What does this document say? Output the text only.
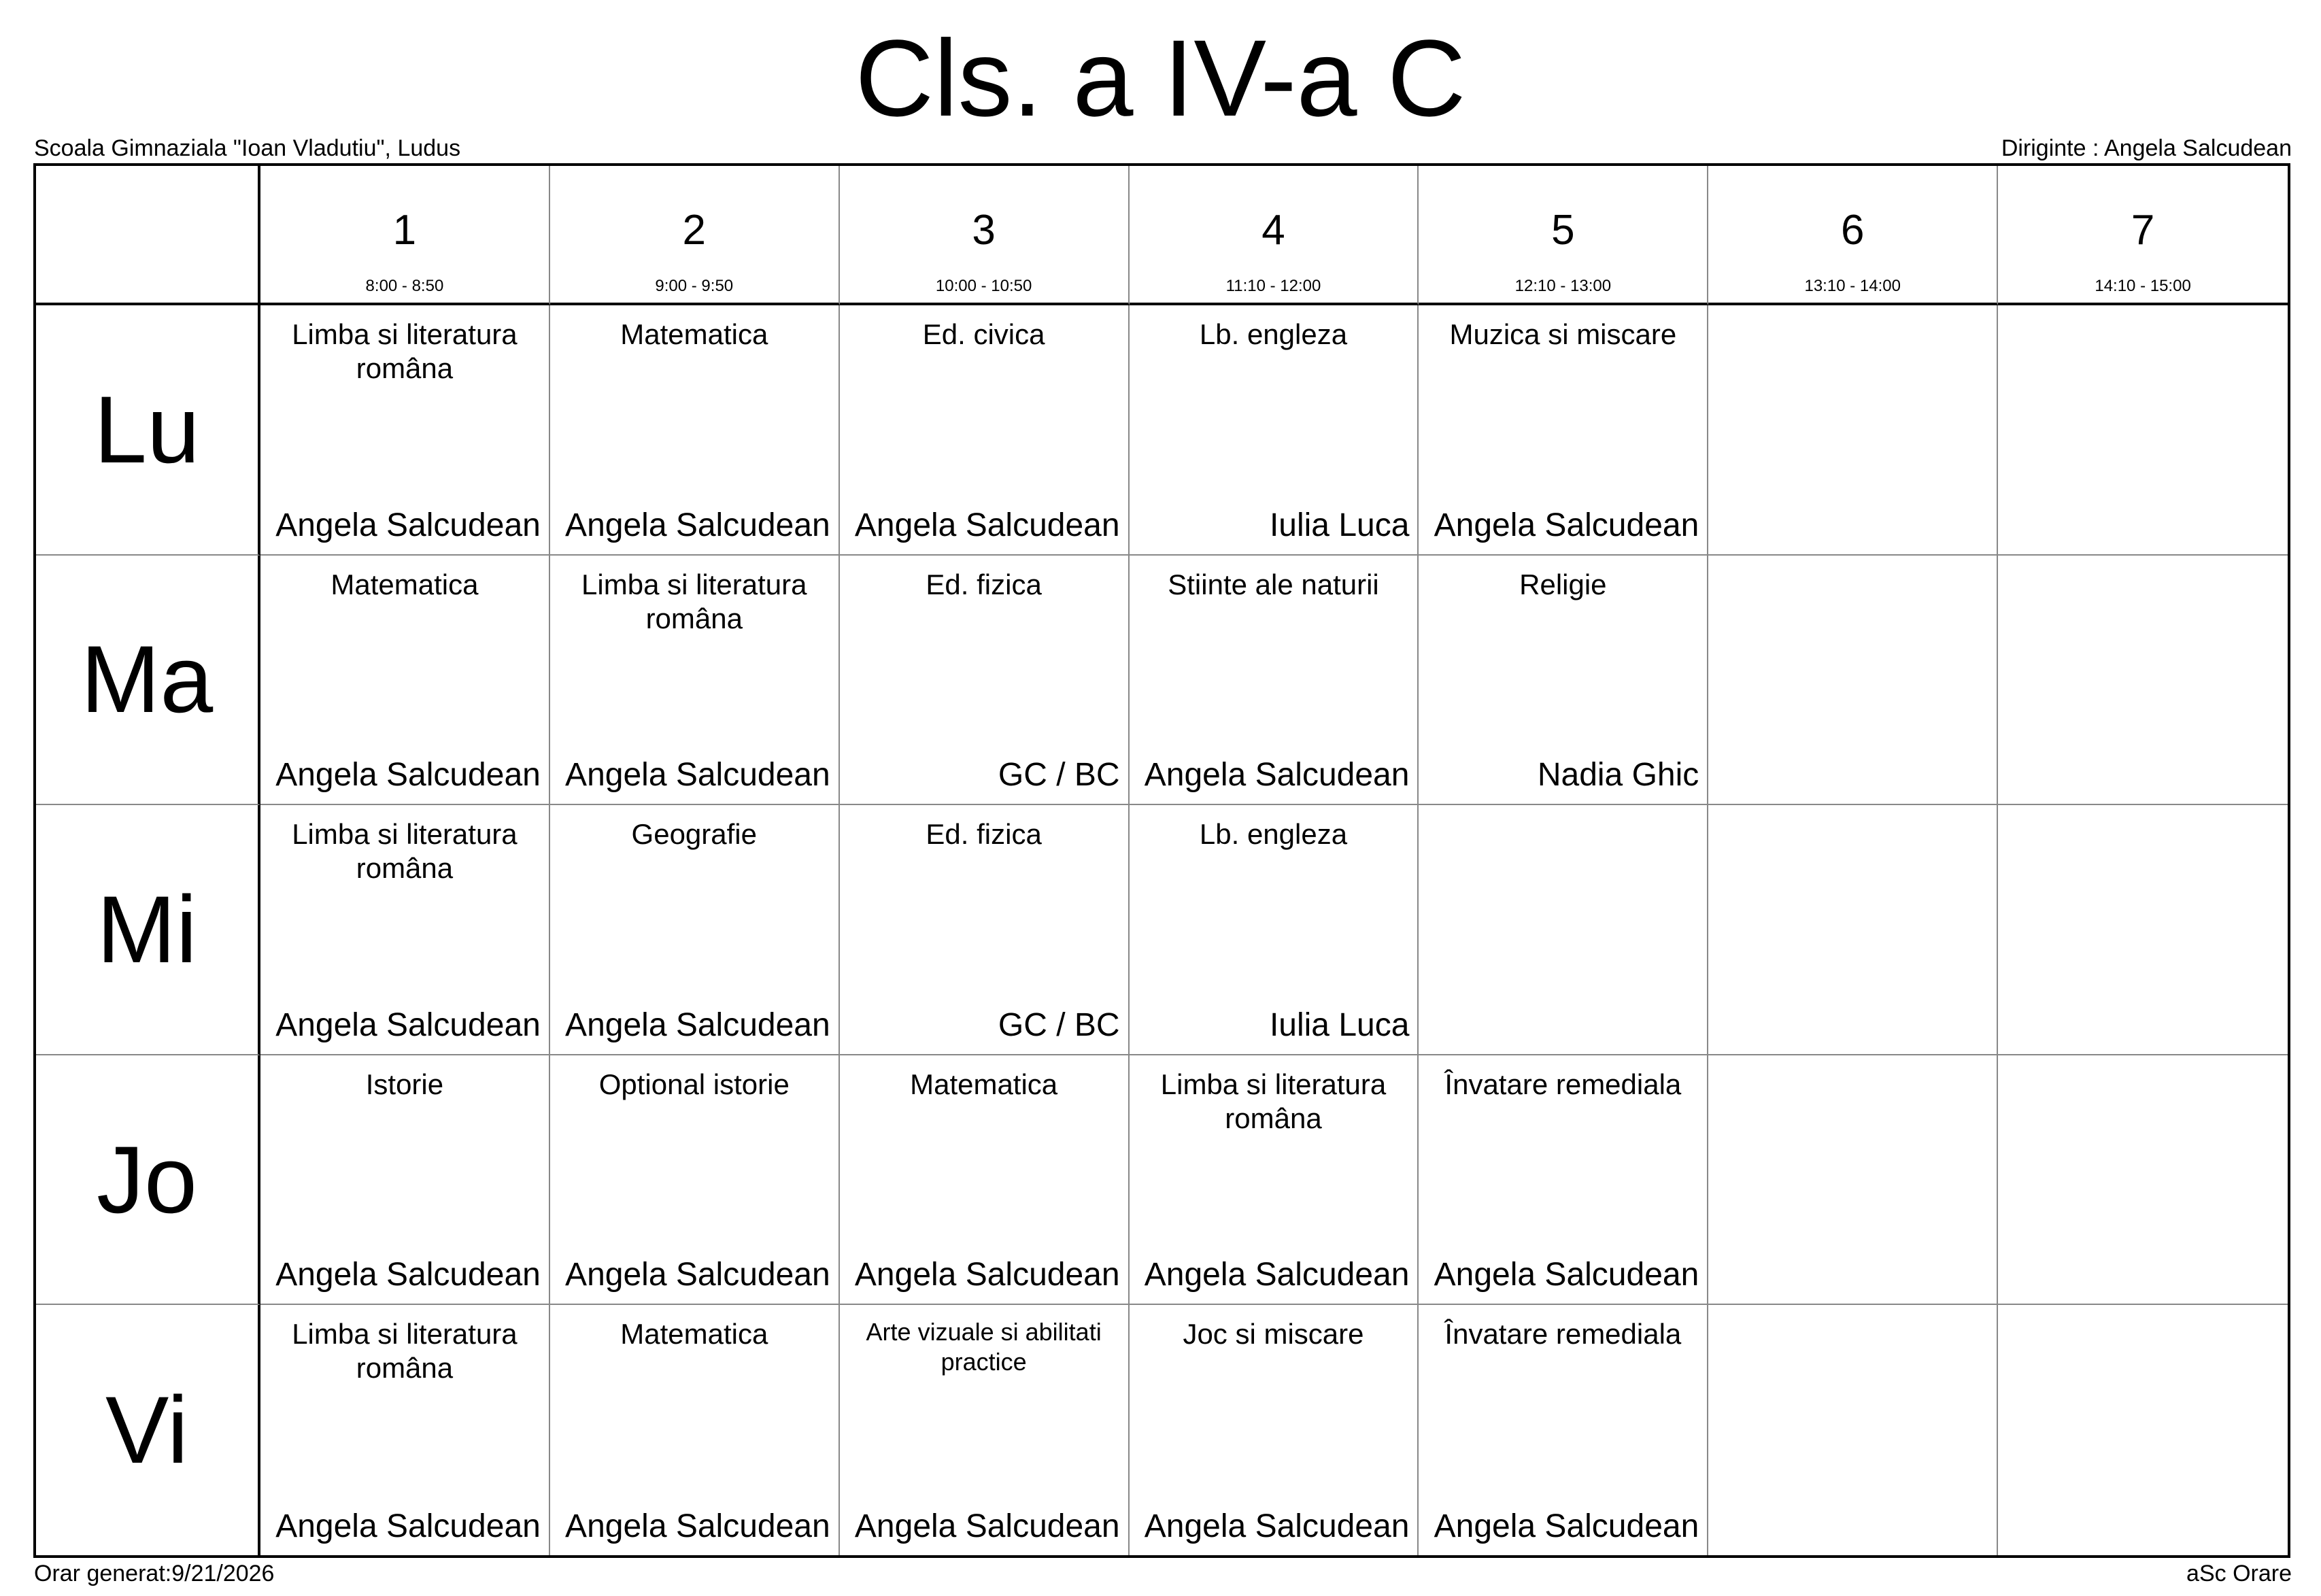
Cls. a IV-a C
Scoala Gimnaziala "Ioan Vladutiu", Ludus	Diriginte : Angela Salcudean
1
8:00 - 8:50
2
9:00 - 9:50
3
10:00 - 10:50
4
11:10 - 12:00
5
12:10 - 13:00
6
13:10 - 14:00
7
14:10 - 15:00
Lu
Limba si literatura româna
Angela Salcudean
Matematica
Angela Salcudean
Ed. civica
Angela Salcudean
Lb. engleza
Iulia Luca
Muzica si miscare
Angela Salcudean
Ma
Matematica
Angela Salcudean
Limba si literatura româna
Angela Salcudean
Ed. fizica
GC / BC
Stiinte ale naturii
Angela Salcudean
Religie
Nadia Ghic
Mi
Limba si literatura româna
Angela Salcudean
Geografie
Angela Salcudean
Ed. fizica
GC / BC
Lb. engleza
Iulia Luca
Jo
Istorie
Angela Salcudean
Optional istorie
Angela Salcudean
Matematica
Angela Salcudean
Limba si literatura româna
Angela Salcudean
Învatare remediala
Angela Salcudean
Vi
Limba si literatura româna
Angela Salcudean
Matematica
Angela Salcudean
Arte vizuale si abilitati practice
Angela Salcudean
Joc si miscare
Angela Salcudean
Învatare remediala
Angela Salcudean
Orar generat:9/21/2026	aSc Orare
